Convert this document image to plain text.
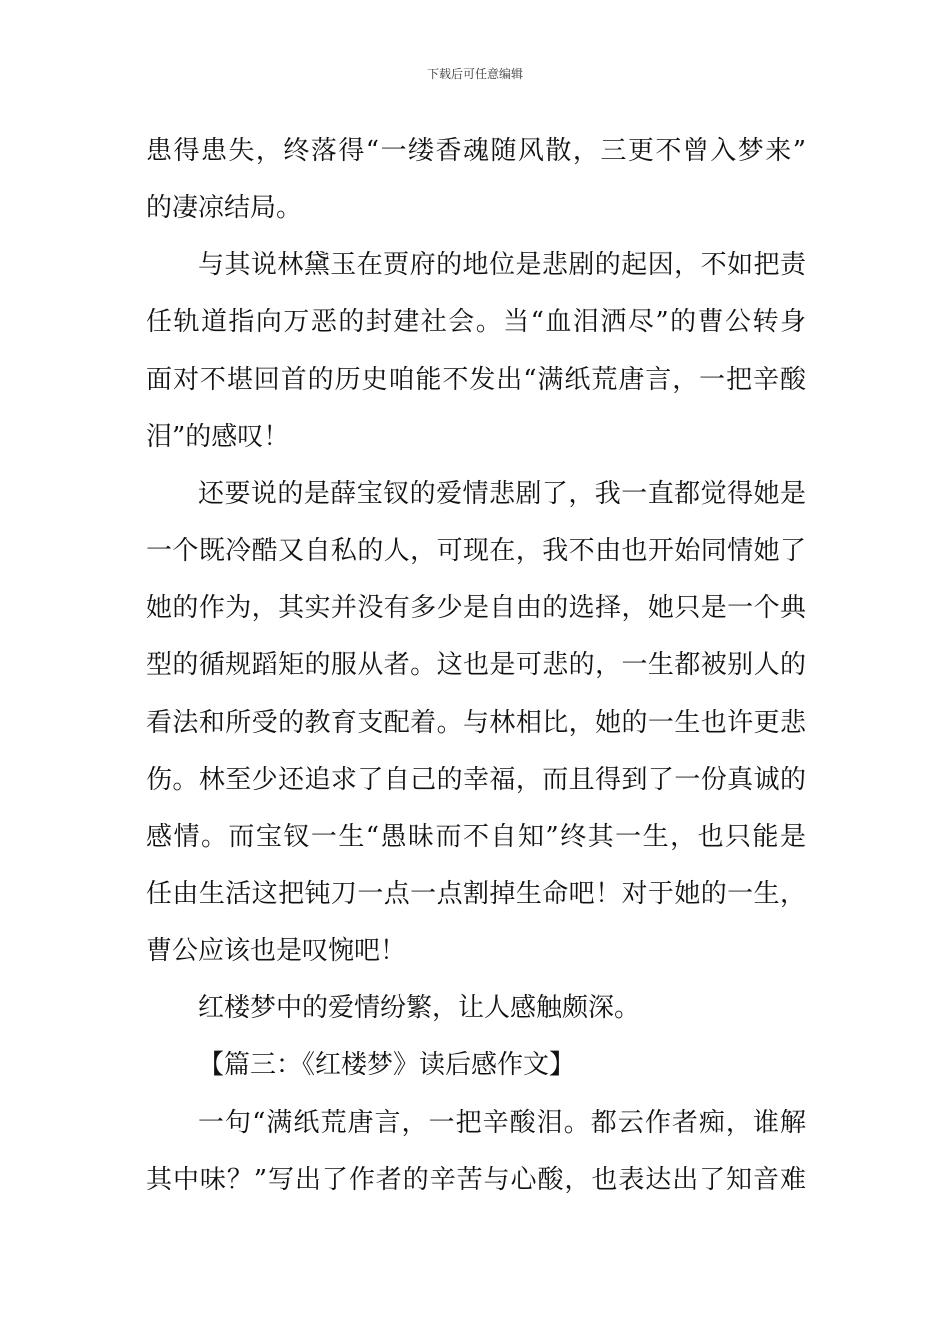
下载后可任意编辑
患得患失，终落得“一缕香魂随风散，三更不曾入梦来”
的凄凉结局。
与其说林黛玉在贾府的地位是悲剧的起因，不如把责
任轨道指向万恶的封建社会。当“血泪洒尽”的曹公转身
面对不堪回首的历史咱能不发出“满纸荒唐言，一把辛酸
泪”的感叹！
还要说的是薛宝钗的爱情悲剧了，我一直都觉得她是
一个既冷酷又自私的人，可现在，我不由也开始同情她了
她的作为，其实并没有多少是自由的选择，她只是一个典
型的循规蹈矩的服从者。这也是可悲的，一生都被别人的
看法和所受的教育支配着。与林相比，她的一生也许更悲
伤。林至少还追求了自己的幸福，而且得到了一份真诚的
感情。而宝钗一生“愚昧而不自知”终其一生，也只能是
任由生活这把钝刀一点一点割掉生命吧！对于她的一生，
曹公应该也是叹惋吧！
红楼梦中的爱情纷繁，让人感触颇深。
【篇三：《红楼梦》读后感作文】
一句“满纸荒唐言，一把辛酸泪。都云作者痴，谁解
其中味？”写出了作者的辛苦与心酸，也表达出了知音难
